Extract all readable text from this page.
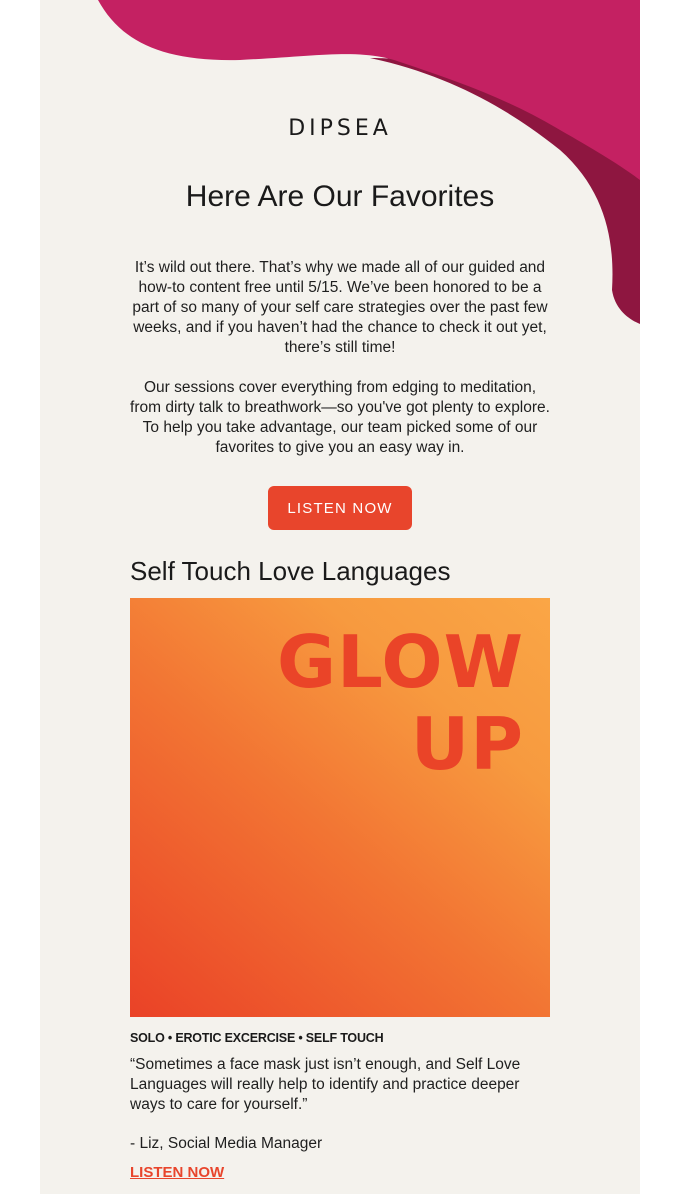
DIPSEA
Here Are Our Favorites

It’s wild out there. That’s why we made all of our guided and how-to content free until 5/15. We’ve been honored to be a part of so many of your self care strategies over the past few weeks, and if you haven’t had the chance to check it out yet, there’s still time!

Our sessions cover everything from edging to meditation, from dirty talk to breathwork—so you've got plenty to explore. To help you take advantage, our team picked some of our favorites to give you an easy way in.

LISTEN NOW
Self Touch Love Languages
GLOW
UP
SOLO • EROTIC EXCERCISE • SELF TOUCH

“Sometimes a face mask just isn’t enough, and Self Love Languages will really help to identify and practice deeper ways to care for yourself.”

- Liz, Social Media Manager
LISTEN NOW
